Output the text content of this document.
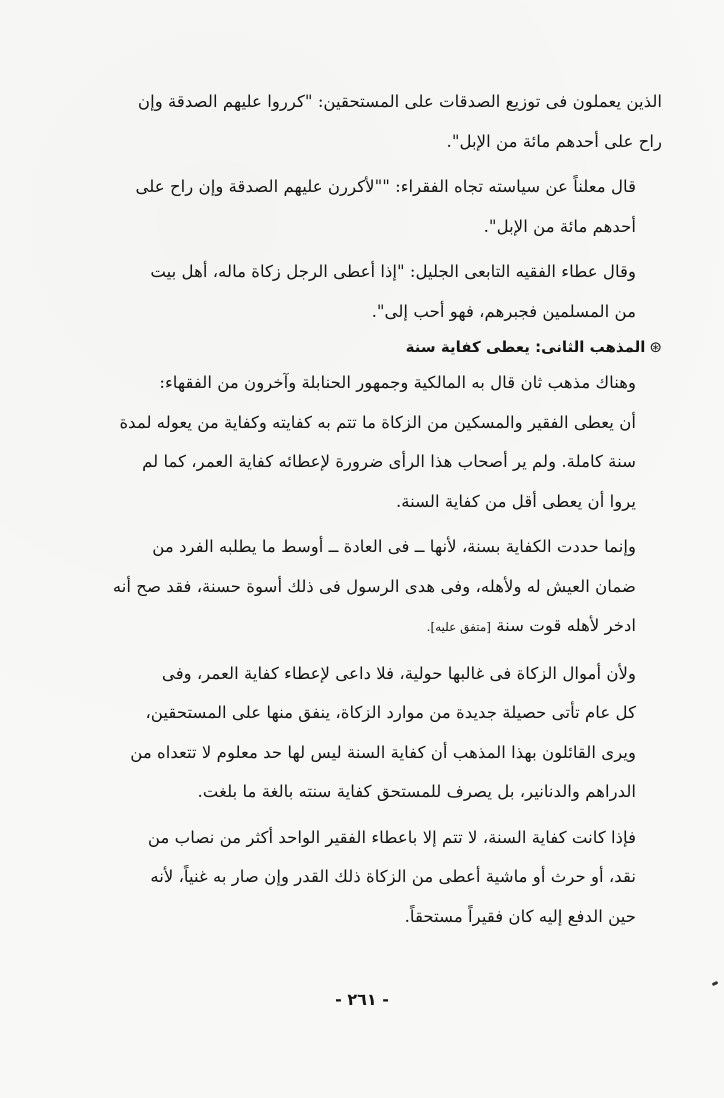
الذين يعملون فى توزيع الصدقات على المستحقين: "كرروا عليهم الصدقة وإن
راح على أحدهم مائة من الإبل".

قال معلناً عن سياسته تجاه الفقراء: ""لأكررن عليهم الصدقة وإن راح على
أحدهم مائة من الإبل".

وقال عطاء الفقيه التابعى الجليل: "إذا أعطى الرجل زكاة ماله، أهل بيت
من المسلمين فجبرهم، فهو أحب إلى".

⊛المذهب الثانى: يعطى كفاية سنة

وهناك مذهب ثان قال به المالكية وجمهور الحنابلة وآخرون من الفقهاء:
أن يعطى الفقير والمسكين من الزكاة ما تتم به كفايته وكفاية من يعوله لمدة
سنة كاملة. ولم ير أصحاب هذا الرأى ضرورة لإعطائه كفاية العمر، كما لم
يروا أن يعطى أقل من كفاية السنة.

وإنما حددت الكفاية بسنة، لأنها ــ فى العادة ــ أوسط ما يطلبه الفرد من
ضمان العيش له ولأهله، وفى هدى الرسول فى ذلك أسوة حسنة، فقد صح أنه
ادخر لأهله قوت سنة [متفق عليه].

ولأن أموال الزكاة فى غالبها حولية، فلا داعى لإعطاء كفاية العمر، وفى
كل عام تأتى حصيلة جديدة من موارد الزكاة، ينفق منها على المستحقين،
ويرى القائلون بهذا المذهب أن كفاية السنة ليس لها حد معلوم لا تتعداه من
الدراهم والدنانير، بل يصرف للمستحق كفاية سنته بالغة ما بلغت.

فإذا كانت كفاية السنة، لا تتم إلا باعطاء الفقير الواحد أكثر من نصاب من
نقد، أو حرث أو ماشية أعطى من الزكاة ذلك القدر وإن صار به غنياً، لأنه
حين الدفع إليه كان فقيراً مستحقاً.

- ٢٦١ -
